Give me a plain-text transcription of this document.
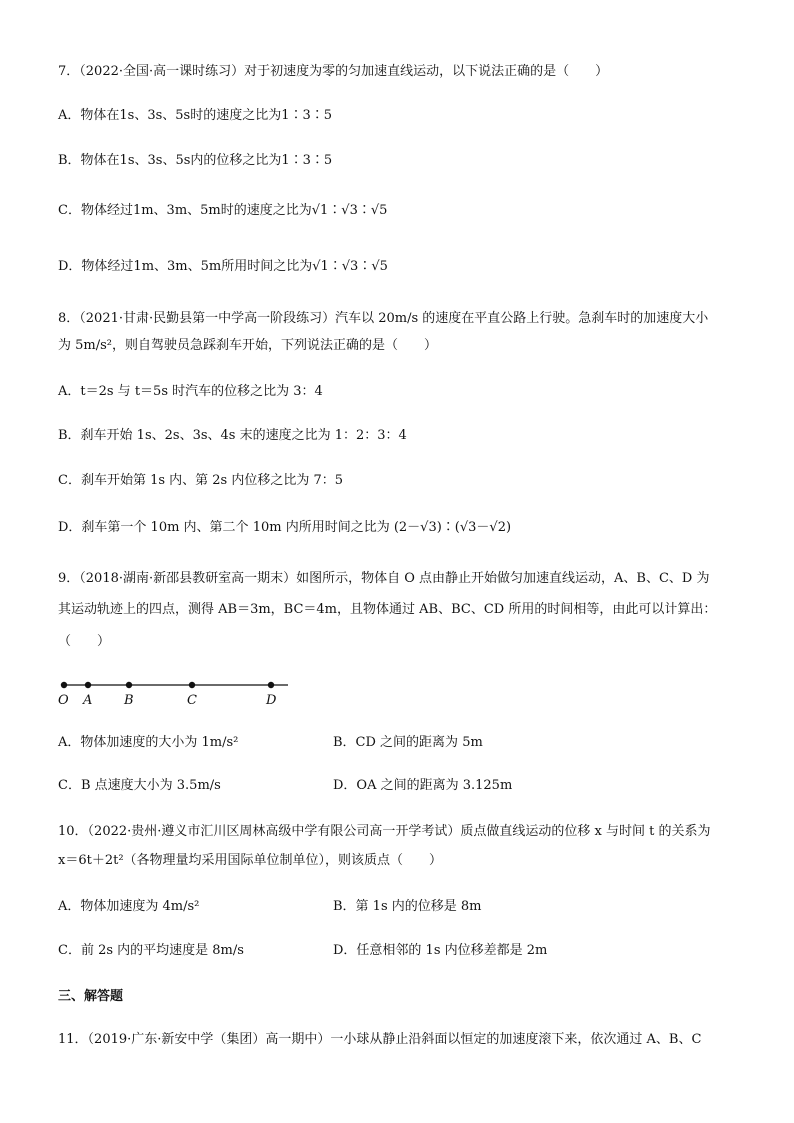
7．（2022·全国·高一课时练习）对于初速度为零的匀加速直线运动，以下说法正确的是（　　）
A．物体在1s、3s、5s时的速度之比为1∶3∶5
B．物体在1s、3s、5s内的位移之比为1∶3∶5
C．物体经过1m、3m、5m时的速度之比为√1∶√3∶√5
D．物体经过1m、3m、5m所用时间之比为√1∶√3∶√5
8．（2021·甘肃·民勤县第一中学高一阶段练习）汽车以 20m/s 的速度在平直公路上行驶。急刹车时的加速度大小
为 5m/s²，则自驾驶员急踩刹车开始，下列说法正确的是（　　）
A．t＝2s 与 t＝5s 时汽车的位移之比为 3：4
B．刹车开始 1s、2s、3s、4s 末的速度之比为 1：2：3：4
C．刹车开始第 1s 内、第 2s 内位移之比为 7：5
D．刹车第一个 10m 内、第二个 10m 内所用时间之比为 (2－√3)∶(√3－√2)
9．（2018·湖南·新邵县教研室高一期末）如图所示，物体自 O 点由静止开始做匀加速直线运动，A、B、C、D 为
其运动轨迹上的四点，测得 AB＝3m，BC＝4m，且物体通过 AB、BC、CD 所用的时间相等，由此可以计算出：
（　　）
O A B	C	D
A．物体加速度的大小为 1m/s²	B．CD 之间的距离为 5m
C．B 点速度大小为 3.5m/s	D．OA 之间的距离为 3.125m
10．（2022·贵州·遵义市汇川区周林高级中学有限公司高一开学考试）质点做直线运动的位移 x 与时间 t 的关系为
x＝6t＋2t²（各物理量均采用国际单位制单位），则该质点（　　）
A．物体加速度为 4m/s²	B．第 1s 内的位移是 8m
C．前 2s 内的平均速度是 8m/s	D．任意相邻的 1s 内位移差都是 2m
三、解答题
11．（2019·广东·新安中学（集团）高一期中）一小球从静止沿斜面以恒定的加速度滚下来，依次通过 A、B、C
